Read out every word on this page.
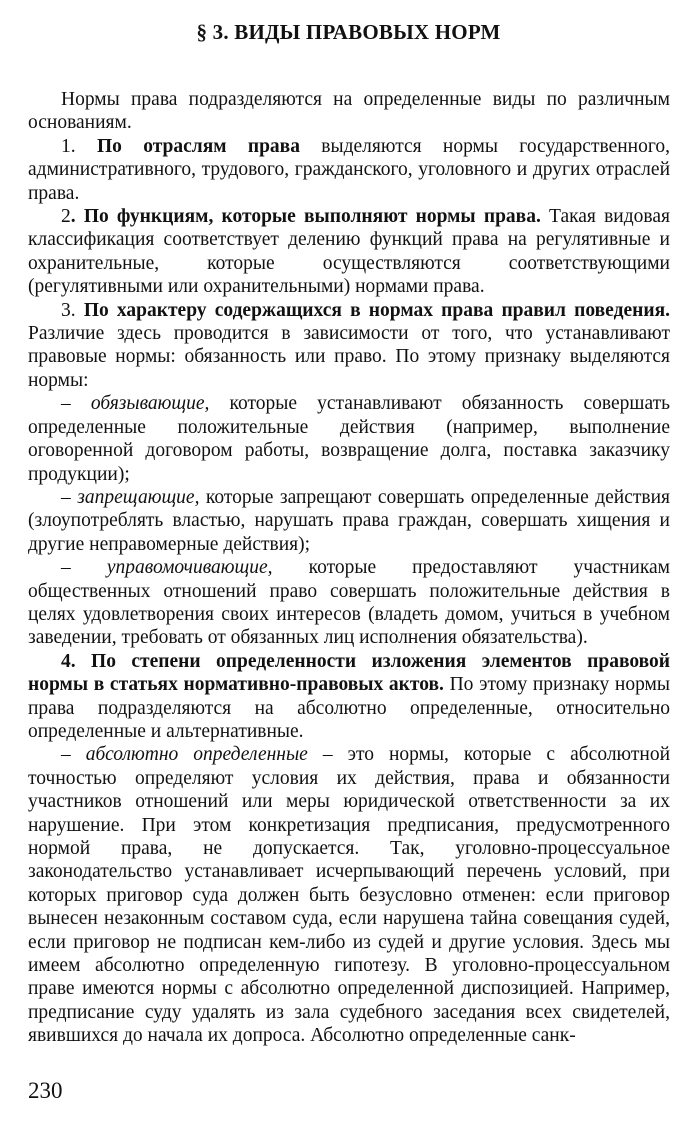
§ 3. ВИДЫ ПРАВОВЫХ НОРМ

Нормы права подразделяются на определенные виды по различным основаниям.

1. По отраслям права выделяются нормы государственного, административного, трудового, гражданского, уголовного и других отраслей права.

2. По функциям, которые выполняют нормы права. Такая видовая классификация соответствует делению функций права на регулятивные и охранительные, которые осуществляются соответствующими (регулятивными или охранительными) нормами права.

3. По характеру содержащихся в нормах права правил поведения. Различие здесь проводится в зависимости от того, что устанавливают правовые нормы: обязанность или право. По этому признаку выделяются нормы:

– обязывающие, которые устанавливают обязанность совершать определенные положительные действия (например, выполнение оговоренной договором работы, возвращение долга, поставка заказчику продукции);

– запрещающие, которые запрещают совершать определенные действия (злоупотреблять властью, нарушать права граждан, совершать хищения и другие неправомерные действия);

– управомочивающие, которые предоставляют участникам общественных отношений право совершать положительные действия в целях удовлетворения своих интересов (владеть домом, учиться в учебном заведении, требовать от обязанных лиц исполнения обязательства).

4. По степени определенности изложения элементов правовой нормы в статьях нормативно-правовых актов. По этому признаку нормы права подразделяются на абсолютно определенные, относительно определенные и альтернативные.

– абсолютно определенные – это нормы, которые с абсолютной точностью определяют условия их действия, права и обязанности участников отношений или меры юридической ответственности за их нарушение. При этом конкретизация предписания, предусмотренного нормой права, не допускается. Так, уголовно-процессуальное законодательство устанавливает исчерпывающий перечень условий, при которых приговор суда должен быть безусловно отменен: если приговор вынесен незаконным составом суда, если нарушена тайна совещания судей, если приговор не подписан кем-либо из судей и другие условия. Здесь мы имеем абсолютно определенную гипотезу. В уголовно-процессуальном праве имеются нормы с абсолютно определенной диспозицией. Например, предписание суду удалять из зала судебного заседания всех свидетелей, явившихся до начала их допроса. Абсолютно определенные санк-

230
